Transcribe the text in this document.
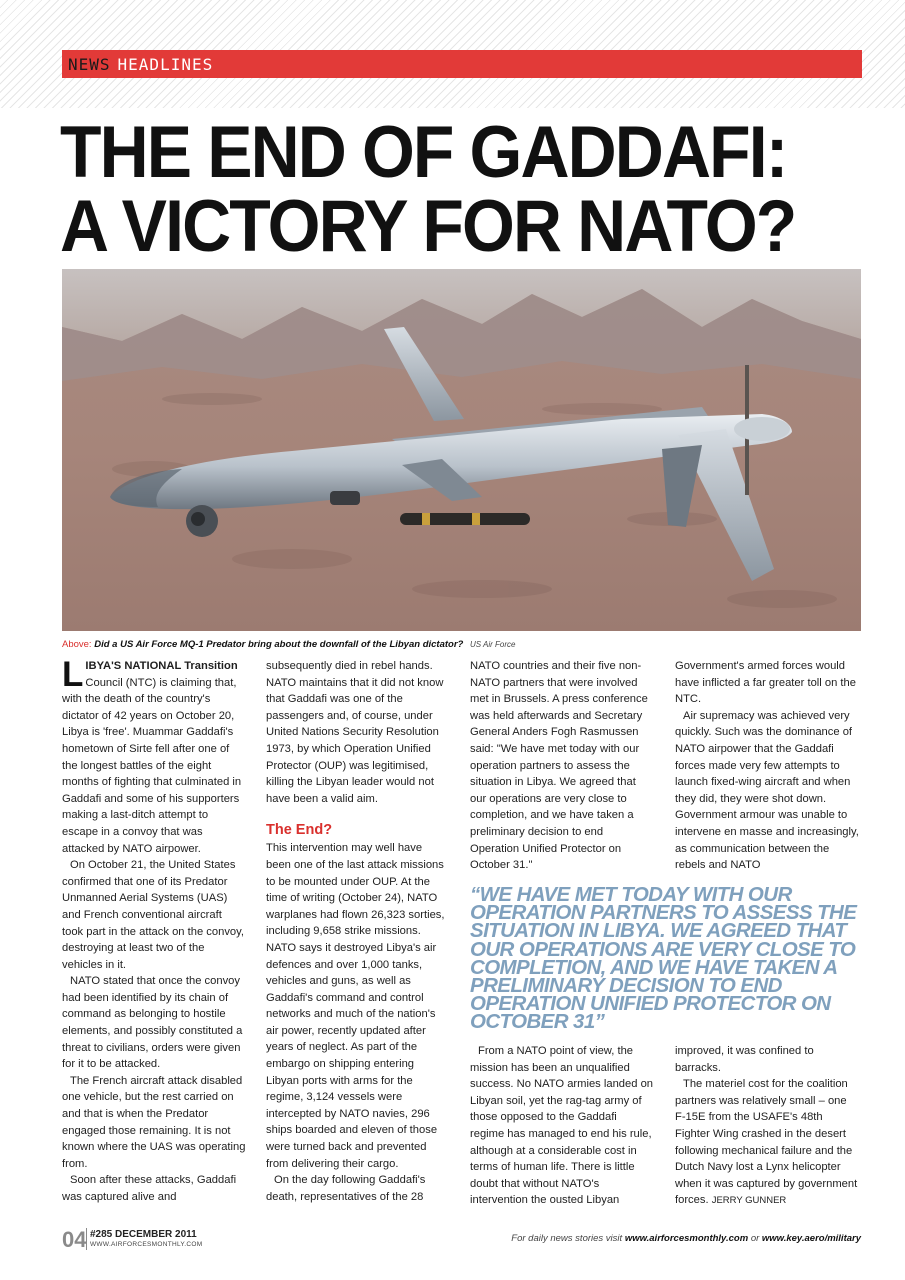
NEWS HEADLINES
THE END OF GADDAFI:
A VICTORY FOR NATO?
Above: Did a US Air Force MQ-1 Predator bring about the downfall of the Libyan dictator? US Air Force

LIBYA'S NATIONAL Transition Council (NTC) is claiming that, with the death of the country's dictator of 42 years on October 20, Libya is 'free'. Muammar Gaddafi's hometown of Sirte fell after one of the longest battles of the eight months of fighting that culminated in Gaddafi and some of his supporters making a last-ditch attempt to escape in a convoy that was attacked by NATO airpower.

On October 21, the United States confirmed that one of its Predator Unmanned Aerial Systems (UAS) and French conventional aircraft took part in the attack on the convoy, destroying at least two of the vehicles in it.

NATO stated that once the convoy had been identified by its chain of command as belonging to hostile elements, and possibly constituted a threat to civilians, orders were given for it to be attacked.

The French aircraft attack disabled one vehicle, but the rest carried on and that is when the Predator engaged those remaining. It is not known where the UAS was operating from.

Soon after these attacks, Gaddafi was captured alive and

subsequently died in rebel hands. NATO maintains that it did not know that Gaddafi was one of the passengers and, of course, under United Nations Security Resolution 1973, by which Operation Unified Protector (OUP) was legitimised, killing the Libyan leader would not have been a valid aim.

The End?

This intervention may well have been one of the last attack missions to be mounted under OUP. At the time of writing (October 24), NATO warplanes had flown 26,323 sorties, including 9,658 strike missions. NATO says it destroyed Libya's air defences and over 1,000 tanks, vehicles and guns, as well as Gaddafi's command and control networks and much of the nation's air power, recently updated after years of neglect. As part of the embargo on shipping entering Libyan ports with arms for the regime, 3,124 vessels were intercepted by NATO navies, 296 ships boarded and eleven of those were turned back and prevented from delivering their cargo.

On the day following Gaddafi's death, representatives of the 28

NATO countries and their five non-NATO partners that were involved met in Brussels. A press conference was held afterwards and Secretary General Anders Fogh Rasmussen said: "We have met today with our operation partners to assess the situation in Libya. We agreed that our operations are very close to completion, and we have taken a preliminary decision to end Operation Unified Protector on October 31."

Government's armed forces would have inflicted a far greater toll on the NTC.

Air supremacy was achieved very quickly. Such was the dominance of NATO airpower that the Gaddafi forces made very few attempts to launch fixed-wing aircraft and when they did, they were shot down. Government armour was unable to intervene en masse and increasingly, as communication between the rebels and NATO

“WE HAVE MET TODAY WITH OUR OPERATION PARTNERS TO ASSESS THE SITUATION IN LIBYA. WE AGREED THAT OUR OPERATIONS ARE VERY CLOSE TO COMPLETION, AND WE HAVE TAKEN A PRELIMINARY DECISION TO END OPERATION UNIFIED PROTECTOR ON OCTOBER 31”

From a NATO point of view, the mission has been an unqualified success. No NATO armies landed on Libyan soil, yet the rag-tag army of those opposed to the Gaddafi regime has managed to end his rule, although at a considerable cost in terms of human life. There is little doubt that without NATO's intervention the ousted Libyan

improved, it was confined to barracks.

The materiel cost for the coalition partners was relatively small – one F-15E from the USAFE's 48th Fighter Wing crashed in the desert following mechanical failure and the Dutch Navy lost a Lynx helicopter when it was captured by government forces. JERRY GUNNER

04 #285 DECEMBER 2011
WWW.AIRFORCESMONTHLY.COM
For daily news stories visit www.airforcesmonthly.com or www.key.aero/military
